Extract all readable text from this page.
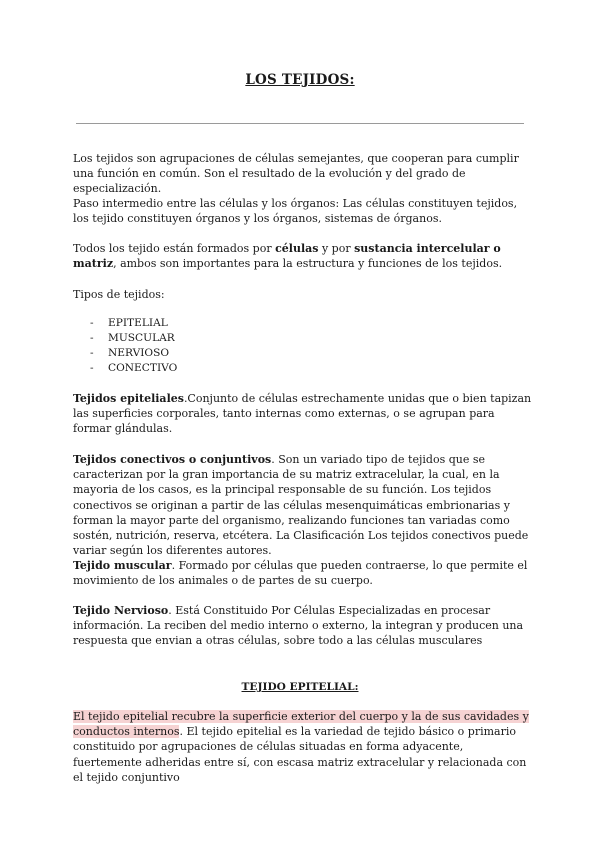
LOS TEJIDOS:
Los tejidos son agrupaciones de células semejantes, que cooperan para cumplir una función en común. Son el resultado de la evolución y del grado de especialización.
Paso intermedio entre las células y los órganos: Las células constituyen tejidos, los tejido constituyen órganos y los órganos, sistemas de órganos.
Todos los tejido están formados por células y por sustancia intercelular o matriz, ambos son importantes para la estructura y funciones de los tejidos.
Tipos de tejidos:
- EPITELIAL
- MUSCULAR
- NERVIOSO
- CONECTIVO
Tejidos epiteliales.Conjunto de células estrechamente unidas que o bien tapizan las superficies corporales, tanto internas como externas, o se agrupan para formar glándulas.
Tejidos conectivos o conjuntivos. Son un variado tipo de tejidos que se caracterizan por la gran importancia de su matriz extracelular, la cual, en la mayoria de los casos, es la principal responsable de su función. Los tejidos conectivos se originan a partir de las células mesenquimáticas embrionarias y forman la mayor parte del organismo, realizando funciones tan variadas como sostén, nutrición, reserva, etcétera. La Clasificación Los tejidos conectivos puede variar según los diferentes autores.
Tejido muscular. Formado por células que pueden contraerse, lo que permite el movimiento de los animales o de partes de su cuerpo.
Tejido Nervioso. Está Constituido Por Células Especializadas en procesar información. La reciben del medio interno o externo, la integran y producen una respuesta que envian a otras células, sobre todo a las células musculares
TEJIDO EPITELIAL:
El tejido epitelial recubre la superficie exterior del cuerpo y la de sus cavidades y conductos internos. El tejido epitelial es la variedad de tejido básico o primario constituido por agrupaciones de células situadas en forma adyacente, fuertemente adheridas entre sí, con escasa matriz extracelular y relacionada con el tejido conjuntivo
